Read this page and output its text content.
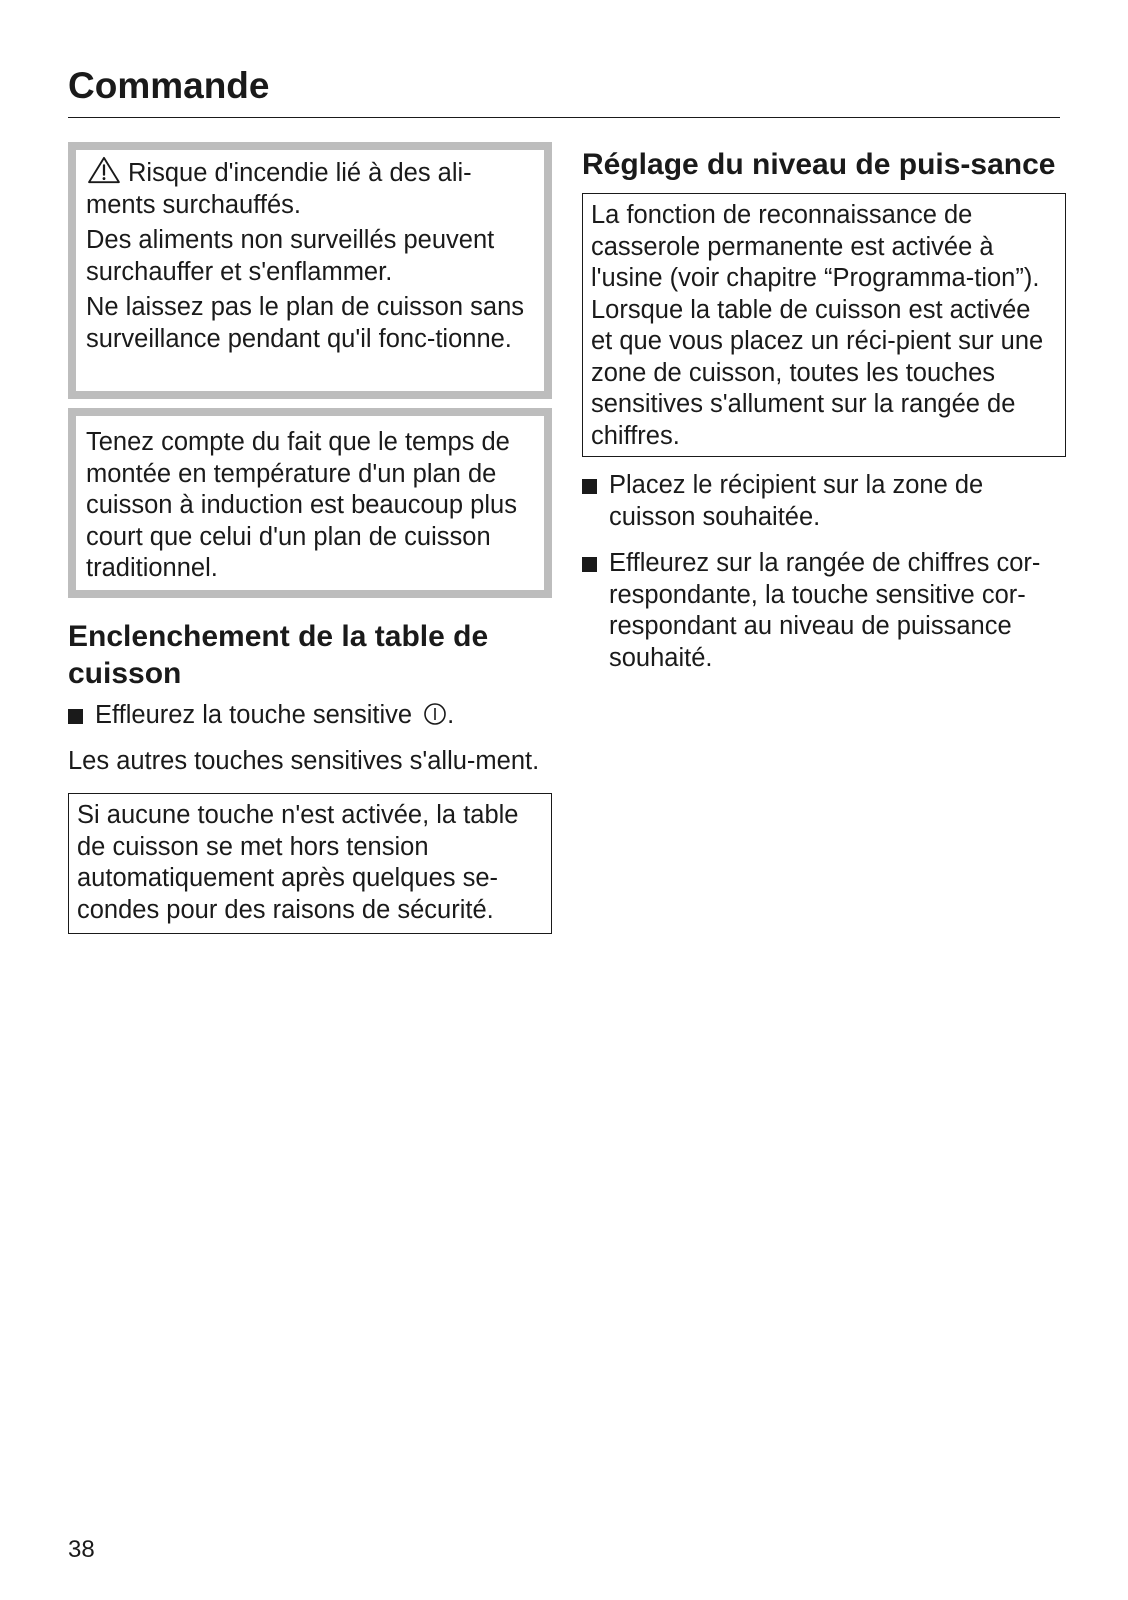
Commande

Risque d'incendie lié à des ali-
ments surchauffés.

Des aliments non surveillés peuvent surchauffer et s'enflammer.

Ne laissez pas le plan de cuisson sans surveillance pendant qu'il fonc-tionne.

Tenez compte du fait que le temps de montée en température d'un plan de cuisson à induction est beaucoup plus court que celui d'un plan de cuisson traditionnel.

Enclenchement de la table de cuisson
Effleurez la touche sensitive .

Les autres touches sensitives s'allu-ment.

Si aucune touche n'est activée, la table de cuisson se met hors tension automatiquement après quelques se-condes pour des raisons de sécurité.

Réglage du niveau de puis-sance

La fonction de reconnaissance de casserole permanente est activée à l'usine (voir chapitre “Programma-tion”). Lorsque la table de cuisson est activée et que vous placez un réci-pient sur une zone de cuisson, toutes les touches sensitives s'allument sur la rangée de chiffres.

Placez le récipient sur la zone de cuisson souhaitée.
Effleurez sur la rangée de chiffres cor-respondante, la touche sensitive cor-respondant au niveau de puissance souhaité.
38
